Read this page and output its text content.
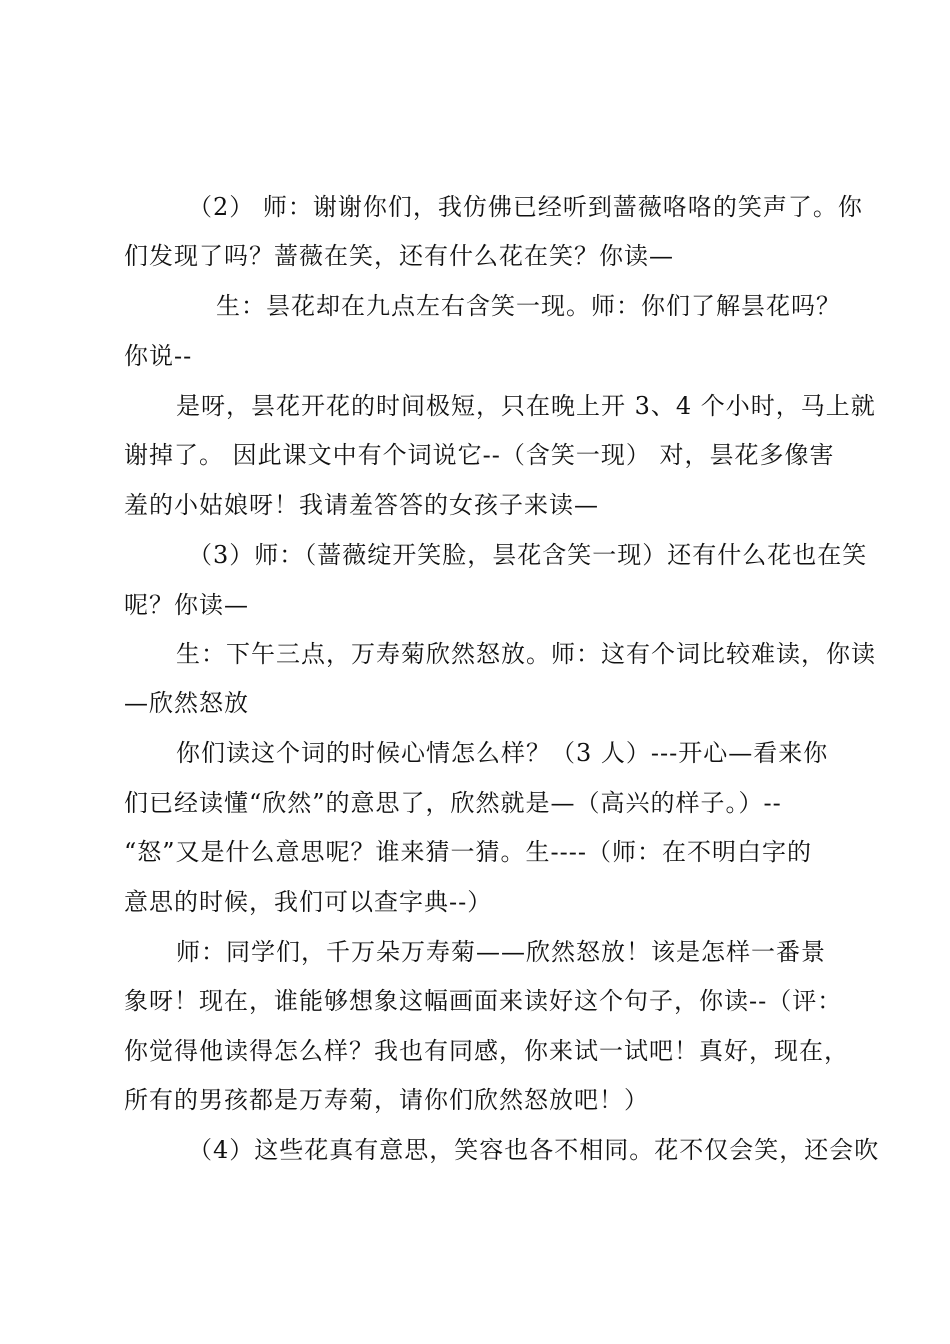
（2） 师：谢谢你们，我仿佛已经听到蔷薇咯咯的笑声了。你
们发现了吗？蔷薇在笑，还有什么花在笑？你读—
生：昙花却在九点左右含笑一现。 师：你们了解昙花吗？
你说--
是呀，昙花开花的时间极短，只在晚上开 3、4 个小时，马上就
谢掉了。 因此课文中有个词说它--（含笑一现） 对，昙花多像害
羞的小姑娘呀！我请羞答答的女孩子来读—
（3）师：（蔷薇绽开笑脸，昙花含笑一现）还有什么花也在笑
呢？你读—
生：下午三点，万寿菊欣然怒放。师：这有个词比较难读，你读
—欣然怒放
你们读这个词的时候心情怎么样？（3 人）---开心—看来你
们已经读懂“欣然”的意思了，欣然就是—（高兴的样子。）--
“怒”又是什么意思呢？谁来猜一猜。生----（师：在不明白字的
意思的时候，我们可以查字典--）
师：同学们，千万朵万寿菊——欣然怒放！该是怎样一番景
象呀！现在，谁能够想象这幅画面来读好这个句子，你读--（评：
你觉得他读得怎么样？我也有同感，你来试一试吧！真好，现在，
所有的男孩都是万寿菊，请你们欣然怒放吧！）
（4）这些花真有意思，笑容也各不相同。花不仅会笑，还会吹
